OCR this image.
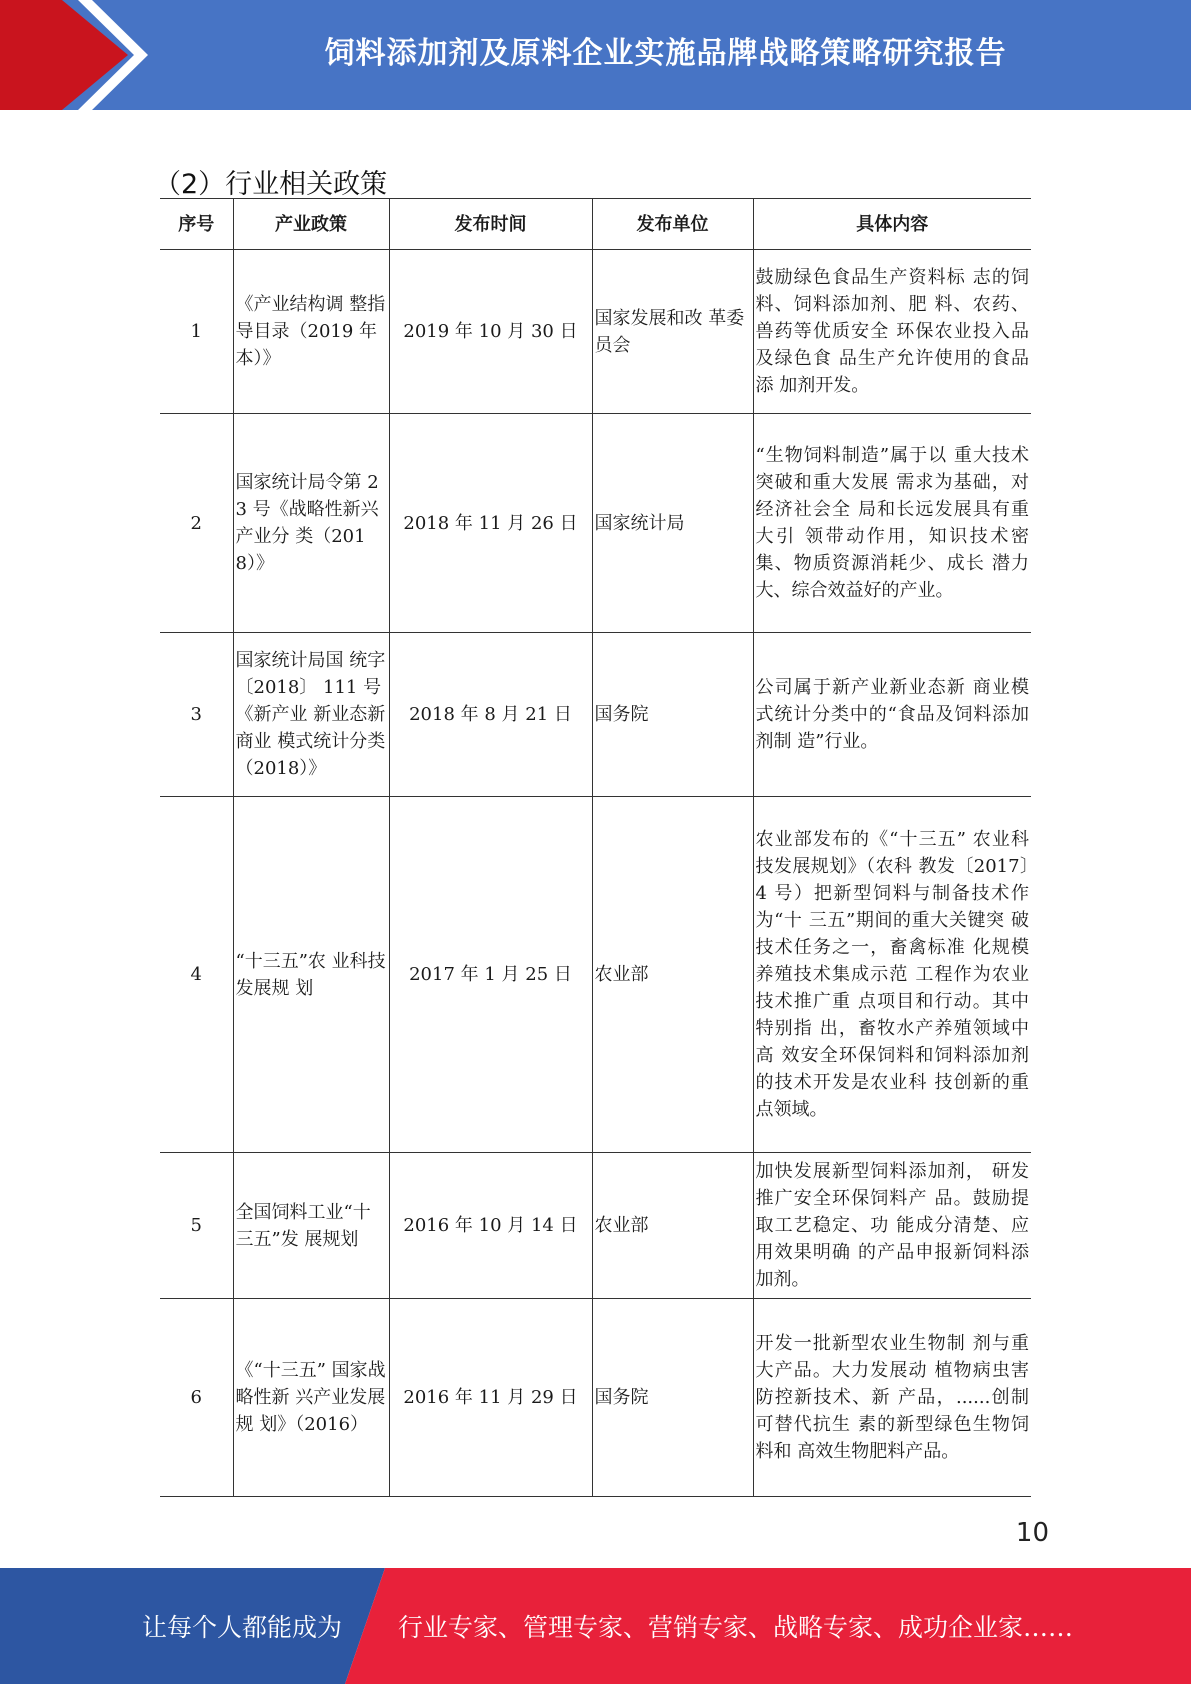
饲料添加剂及原料企业实施品牌战略策略研究报告
（2）行业相关政策
序号	产业政策	发布时间	发布单位	具体内容
1	《产业结构调 整指导目录（2019 年本）》	2019 年 10 月 30 日	国家发展和改 革委员会	鼓励绿色食品生产资料标 志的饲料、饲料添加剂、肥 料、农药、兽药等优质安全 环保农业投入品及绿色食 品生产允许使用的食品添 加剂开发。
2	国家统计局令第 23 号《战略性新兴产业分 类（2018）》	2018 年 11 月 26 日	国家统计局	“生物饲料制造”属于以 重大技术突破和重大发展 需求为基础，对经济社会全 局和长远发展具有重大引 领带动作用，知识技术密 集、物质资源消耗少、成长 潜力大、综合效益好的产业。
3	国家统计局国 统字〔2018〕 111 号《新产业 新业态新商业 模式统计分类（2018）》	2018 年 8 月 21 日	国务院	公司属于新产业新业态新 商业模式统计分类中的“食品及饲料添加剂制 造”行业。
4	“十三五”农 业科技发展规 划	2017 年 1 月 25 日	农业部	农业部发布的《“十三五” 农业科技发展规划》（农科 教发〔2017〕4 号）把新型饲料与制备技术作为“十 三五”期间的重大关键突 破技术任务之一，畜禽标准 化规模养殖技术集成示范 工程作为农业技术推广重 点项目和行动。其中特别指 出，畜牧水产养殖领域中高 效安全环保饲料和饲料添加剂的技术开发是农业科 技创新的重点领域。
5	全国饲料工业“十三五”发 展规划	2016 年 10 月 14 日	农业部	加快发展新型饲料添加剂， 研发推广安全环保饲料产 品。鼓励提取工艺稳定、功 能成分清楚、应用效果明确 的产品申报新饲料添加剂。
6	《“十三五” 国家战略性新 兴产业发展规 划》（2016）	2016 年 11 月 29 日	国务院	开发一批新型农业生物制 剂与重大产品。大力发展动 植物病虫害防控新技术、新 产品，......创制可替代抗生 素的新型绿色生物饲料和 高效生物肥料产品。
10
让每个人都能成为 行业专家、管理专家、营销专家、战略专家、成功企业家……
